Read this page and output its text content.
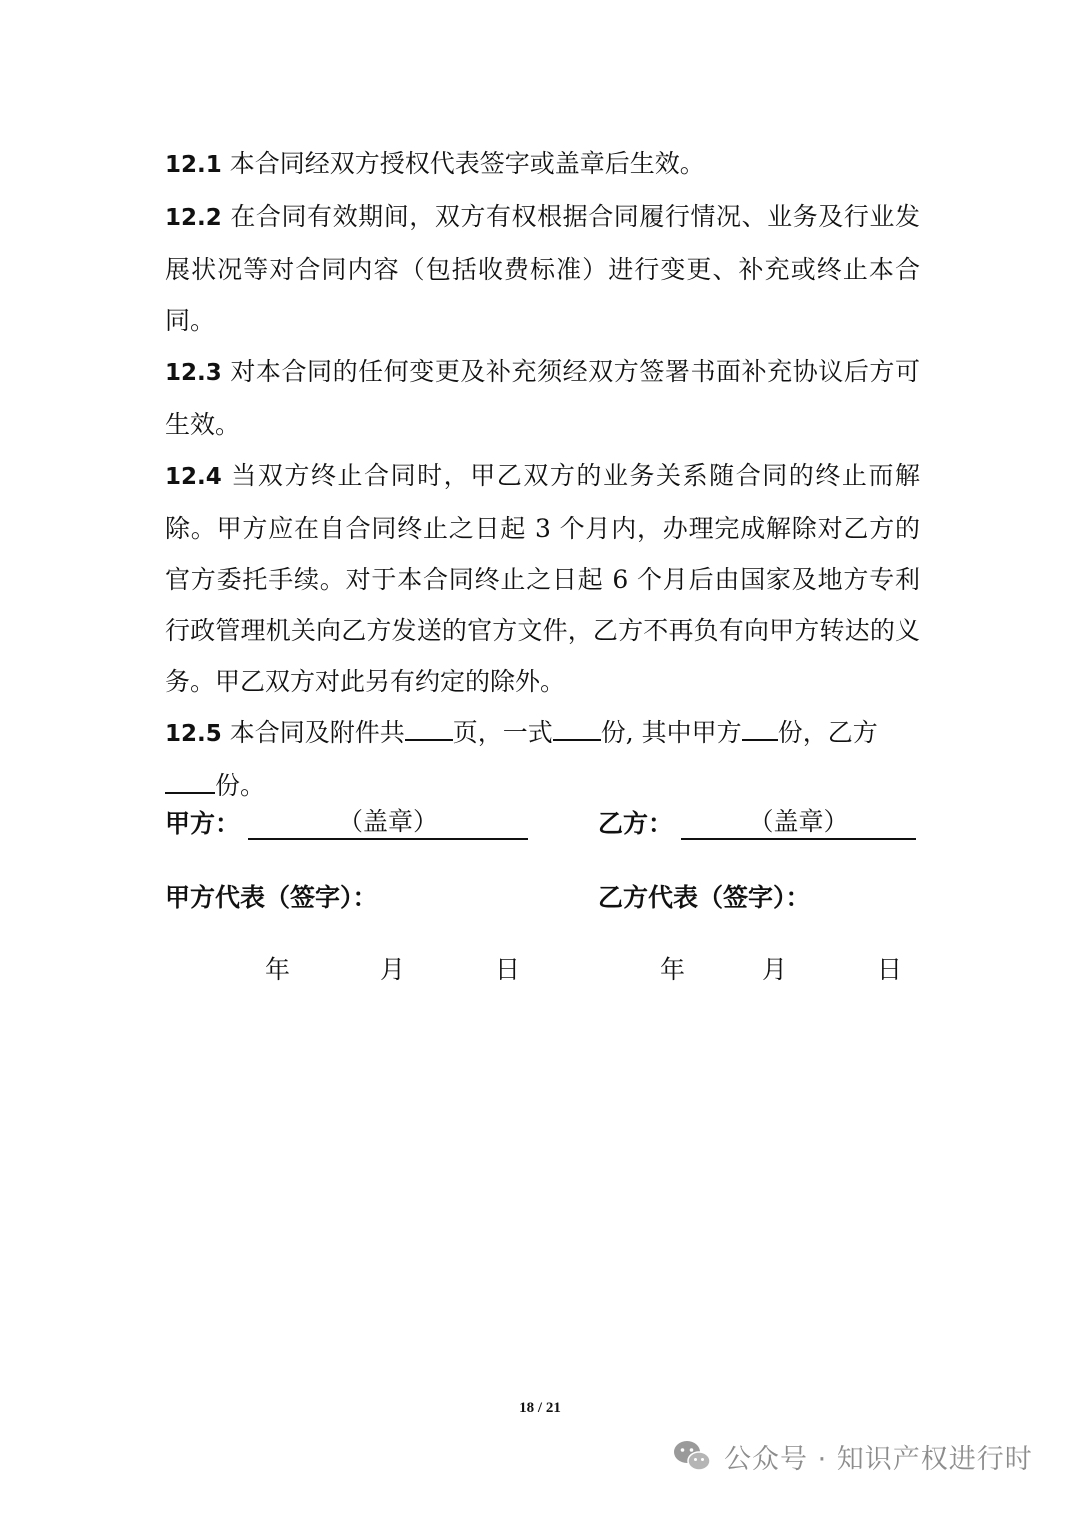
12.1 本合同经双方授权代表签字或盖章后生效。

12.2 在合同有效期间，双方有权根据合同履行情况、业务及行业发展状况等对合同内容（包括收费标准）进行变更、补充或终止本合同。

12.3 对本合同的任何变更及补充须经双方签署书面补充协议后方可生效。

12.4 当双方终止合同时，甲乙双方的业务关系随合同的终止而解除。甲方应在自合同终止之日起 3 个月内，办理完成解除对乙方的官方委托手续。对于本合同终止之日起 6 个月后由国家及地方专利行政管理机关向乙方发送的官方文件，乙方不再负有向甲方转达的义务。甲乙双方对此另有约定的除外。

12.5 本合同及附件共 页，一式 份, 其中甲方 份，乙方
份。

甲方：	（盖章）	乙方：	（盖章）
甲方代表（签字）：	乙方代表（签字）：
年	月	日	年	月	日
18 / 21
公众号 · 知识产权进行时
